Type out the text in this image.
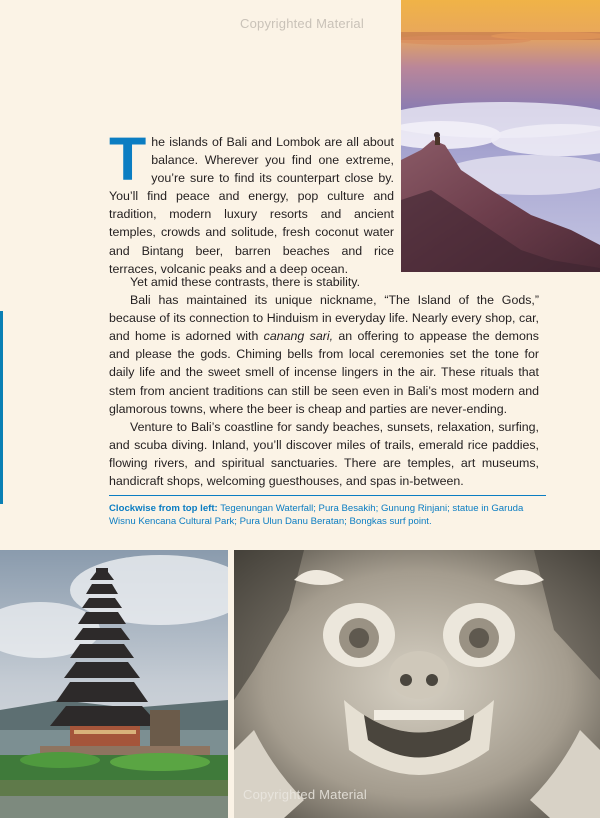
Copyrighted Material
The islands of Bali and Lombok are all about balance. Wherever you find one extreme, you’re sure to find its counterpart close by. You’ll find peace and energy, pop culture and tradition, modern luxury resorts and ancient temples, crowds and solitude, fresh coconut water and Bintang beer, barren beaches and rice terraces, volcanic peaks and a deep ocean.

Yet amid these contrasts, there is stability.

Bali has maintained its unique nickname, “The Island of the Gods,” because of its connection to Hinduism in everyday life. Nearly every shop, car, and home is adorned with canang sari, an offering to appease the demons and please the gods. Chiming bells from local ceremonies set the tone for daily life and the sweet smell of incense lingers in the air. These rituals that stem from ancient traditions can still be seen even in Bali’s most modern and glamorous towns, where the beer is cheap and parties are never-ending.

Venture to Bali’s coastline for sandy beaches, sunsets, relaxation, surfing, and scuba diving. Inland, you’ll discover miles of trails, emerald rice paddies, flowing rivers, and spiritual sanctuaries. There are temples, art museums, handicraft shops, welcoming guesthouses, and spas in-between.

Clockwise from top left: Tegenungan Waterfall; Pura Besakih; Gunung Rinjani; statue in Garuda Wisnu Kencana Cultural Park; Pura Ulun Danu Beratan; Bongkas surf point.
Copyrighted Material
